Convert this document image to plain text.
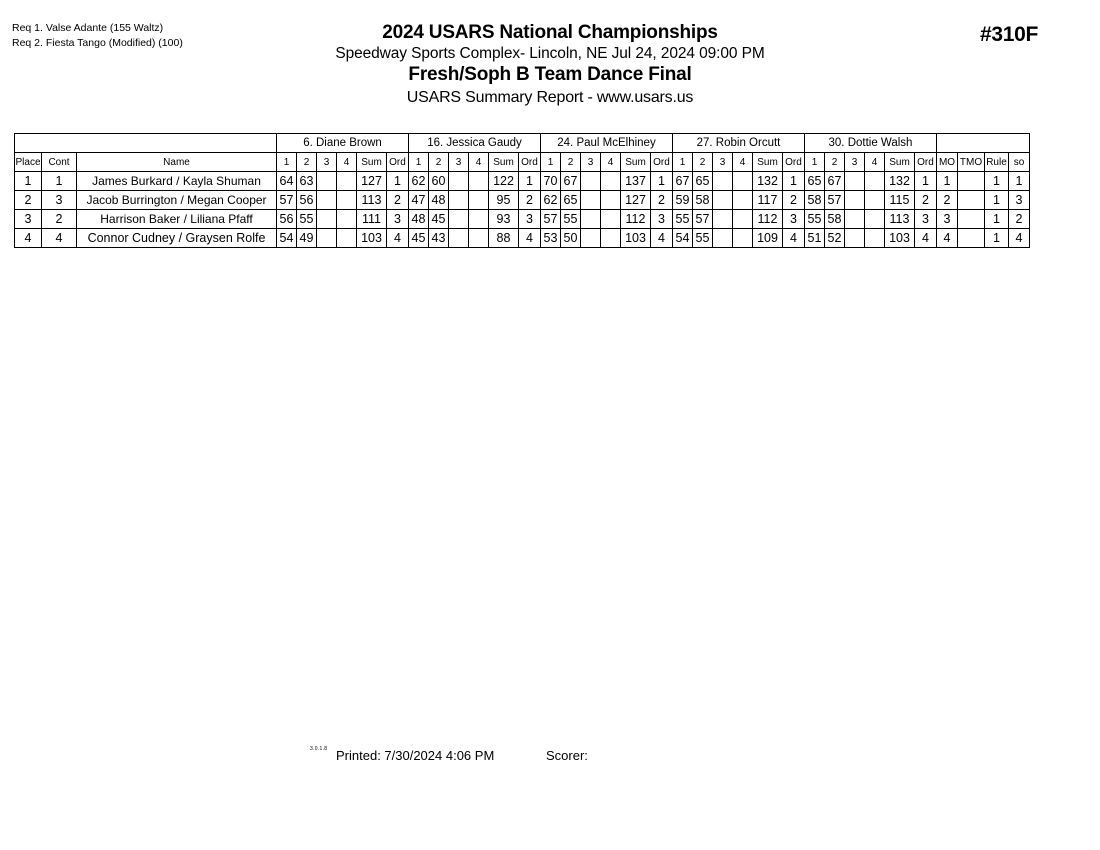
Req 1. Valse Adante (155 Waltz)
Req 2. Fiesta Tango (Modified) (100)	2024 USARS National Championships
Speedway Sports Complex- Lincoln, NE Jul 24, 2024 09:00 PM
Fresh/Soph B Team Dance Final
USARS Summary Report - www.usars.us
#310F
			6. Diane Brown						16. Jessica Gaudy						24. Paul McElhiney						27. Robin Orcutt						30. Dottie Walsh									
Place	Cont	Name	1	2	3	4	Sum	Ord	1	2	3	4	Sum	Ord	1	2	3	4	Sum	Ord	1	2	3	4	Sum	Ord	1	2	3	4	Sum	Ord	MO	TMO	Rule	so
1	1	James Burkard / Kayla Shuman	64	63			127	1	62	60			122	1	70	67			137	1	67	65			132	1	65	67			132	1	1		1	1
2	3	Jacob Burrington / Megan Cooper	57	56			113	2	47	48			95	2	62	65			127	2	59	58			117	2	58	57			115	2	2		1	3
3	2	Harrison Baker / Liliana Pfaff	56	55			111	3	48	45			93	3	57	55			112	3	55	57			112	3	55	58			113	3	3		1	2
4	4	Connor Cudney / Graysen Rolfe	54	49			103	4	45	43			88	4	53	50			103	4	54	55			109	4	51	52			103	4	4		1	4
3.0.1.8 Printed: 7/30/2024 4:06 PM	Scorer:
